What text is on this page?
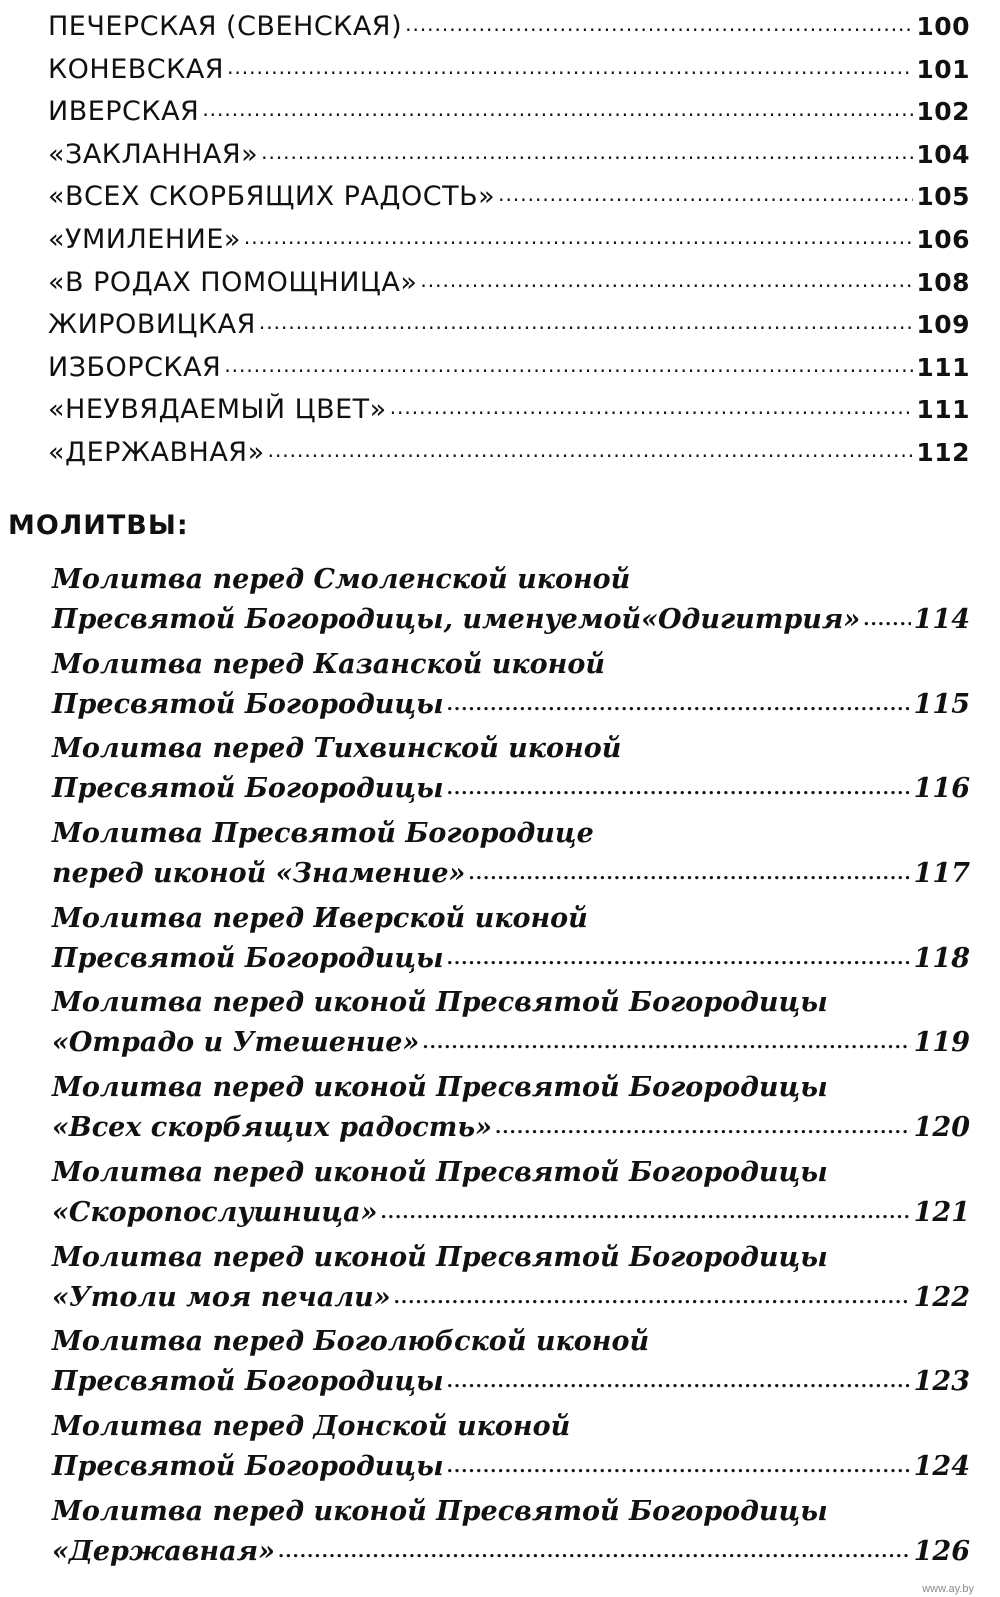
ПЕЧЕРСКАЯ (СВЕНСКАЯ) .....	100
КОНЕВСКАЯ .....	101
ИВЕРСКАЯ .....	102
«ЗАКЛАННАЯ» .....	104
«ВСЕХ СКОРБЯЩИХ РАДОСТЬ» .....	105
«УМИЛЕНИЕ» .....	106
«В РОДАХ ПОМОЩНИЦА» .....	108
ЖИРОВИЦКАЯ .....	109
ИЗБОРСКАЯ .....	111
«НЕУВЯДАЕМЫЙ ЦВЕТ» .....	111
«ДЕРЖАВНАЯ» .....	112
МОЛИТВЫ:
Молитва перед Смоленской иконой
Пресвятой Богородицы, именуемой«Одигитрия» ..... 114
Молитва перед Казанской иконой
Пресвятой Богородицы .....	115
Молитва перед Тихвинской иконой
Пресвятой Богородицы .....	116
Молитва Пресвятой Богородице
перед иконой «Знамение» .....	117
Молитва перед Иверской иконой
Пресвятой Богородицы .....	118
Молитва перед иконой Пресвятой Богородицы
«Отрадо и Утешение» .....	119
Молитва перед иконой Пресвятой Богородицы
«Всех скорбящих радость» .....	120
Молитва перед иконой Пресвятой Богородицы
«Скоропослушница» .....	121
Молитва перед иконой Пресвятой Богородицы
«Утоли моя печали» .....	122
Молитва перед Боголюбской иконой
Пресвятой Богородицы .....	123
Молитва перед Донской иконой
Пресвятой Богородицы .....	124
Молитва перед иконой Пресвятой Богородицы
«Державная» .....	126
www.ay.by
